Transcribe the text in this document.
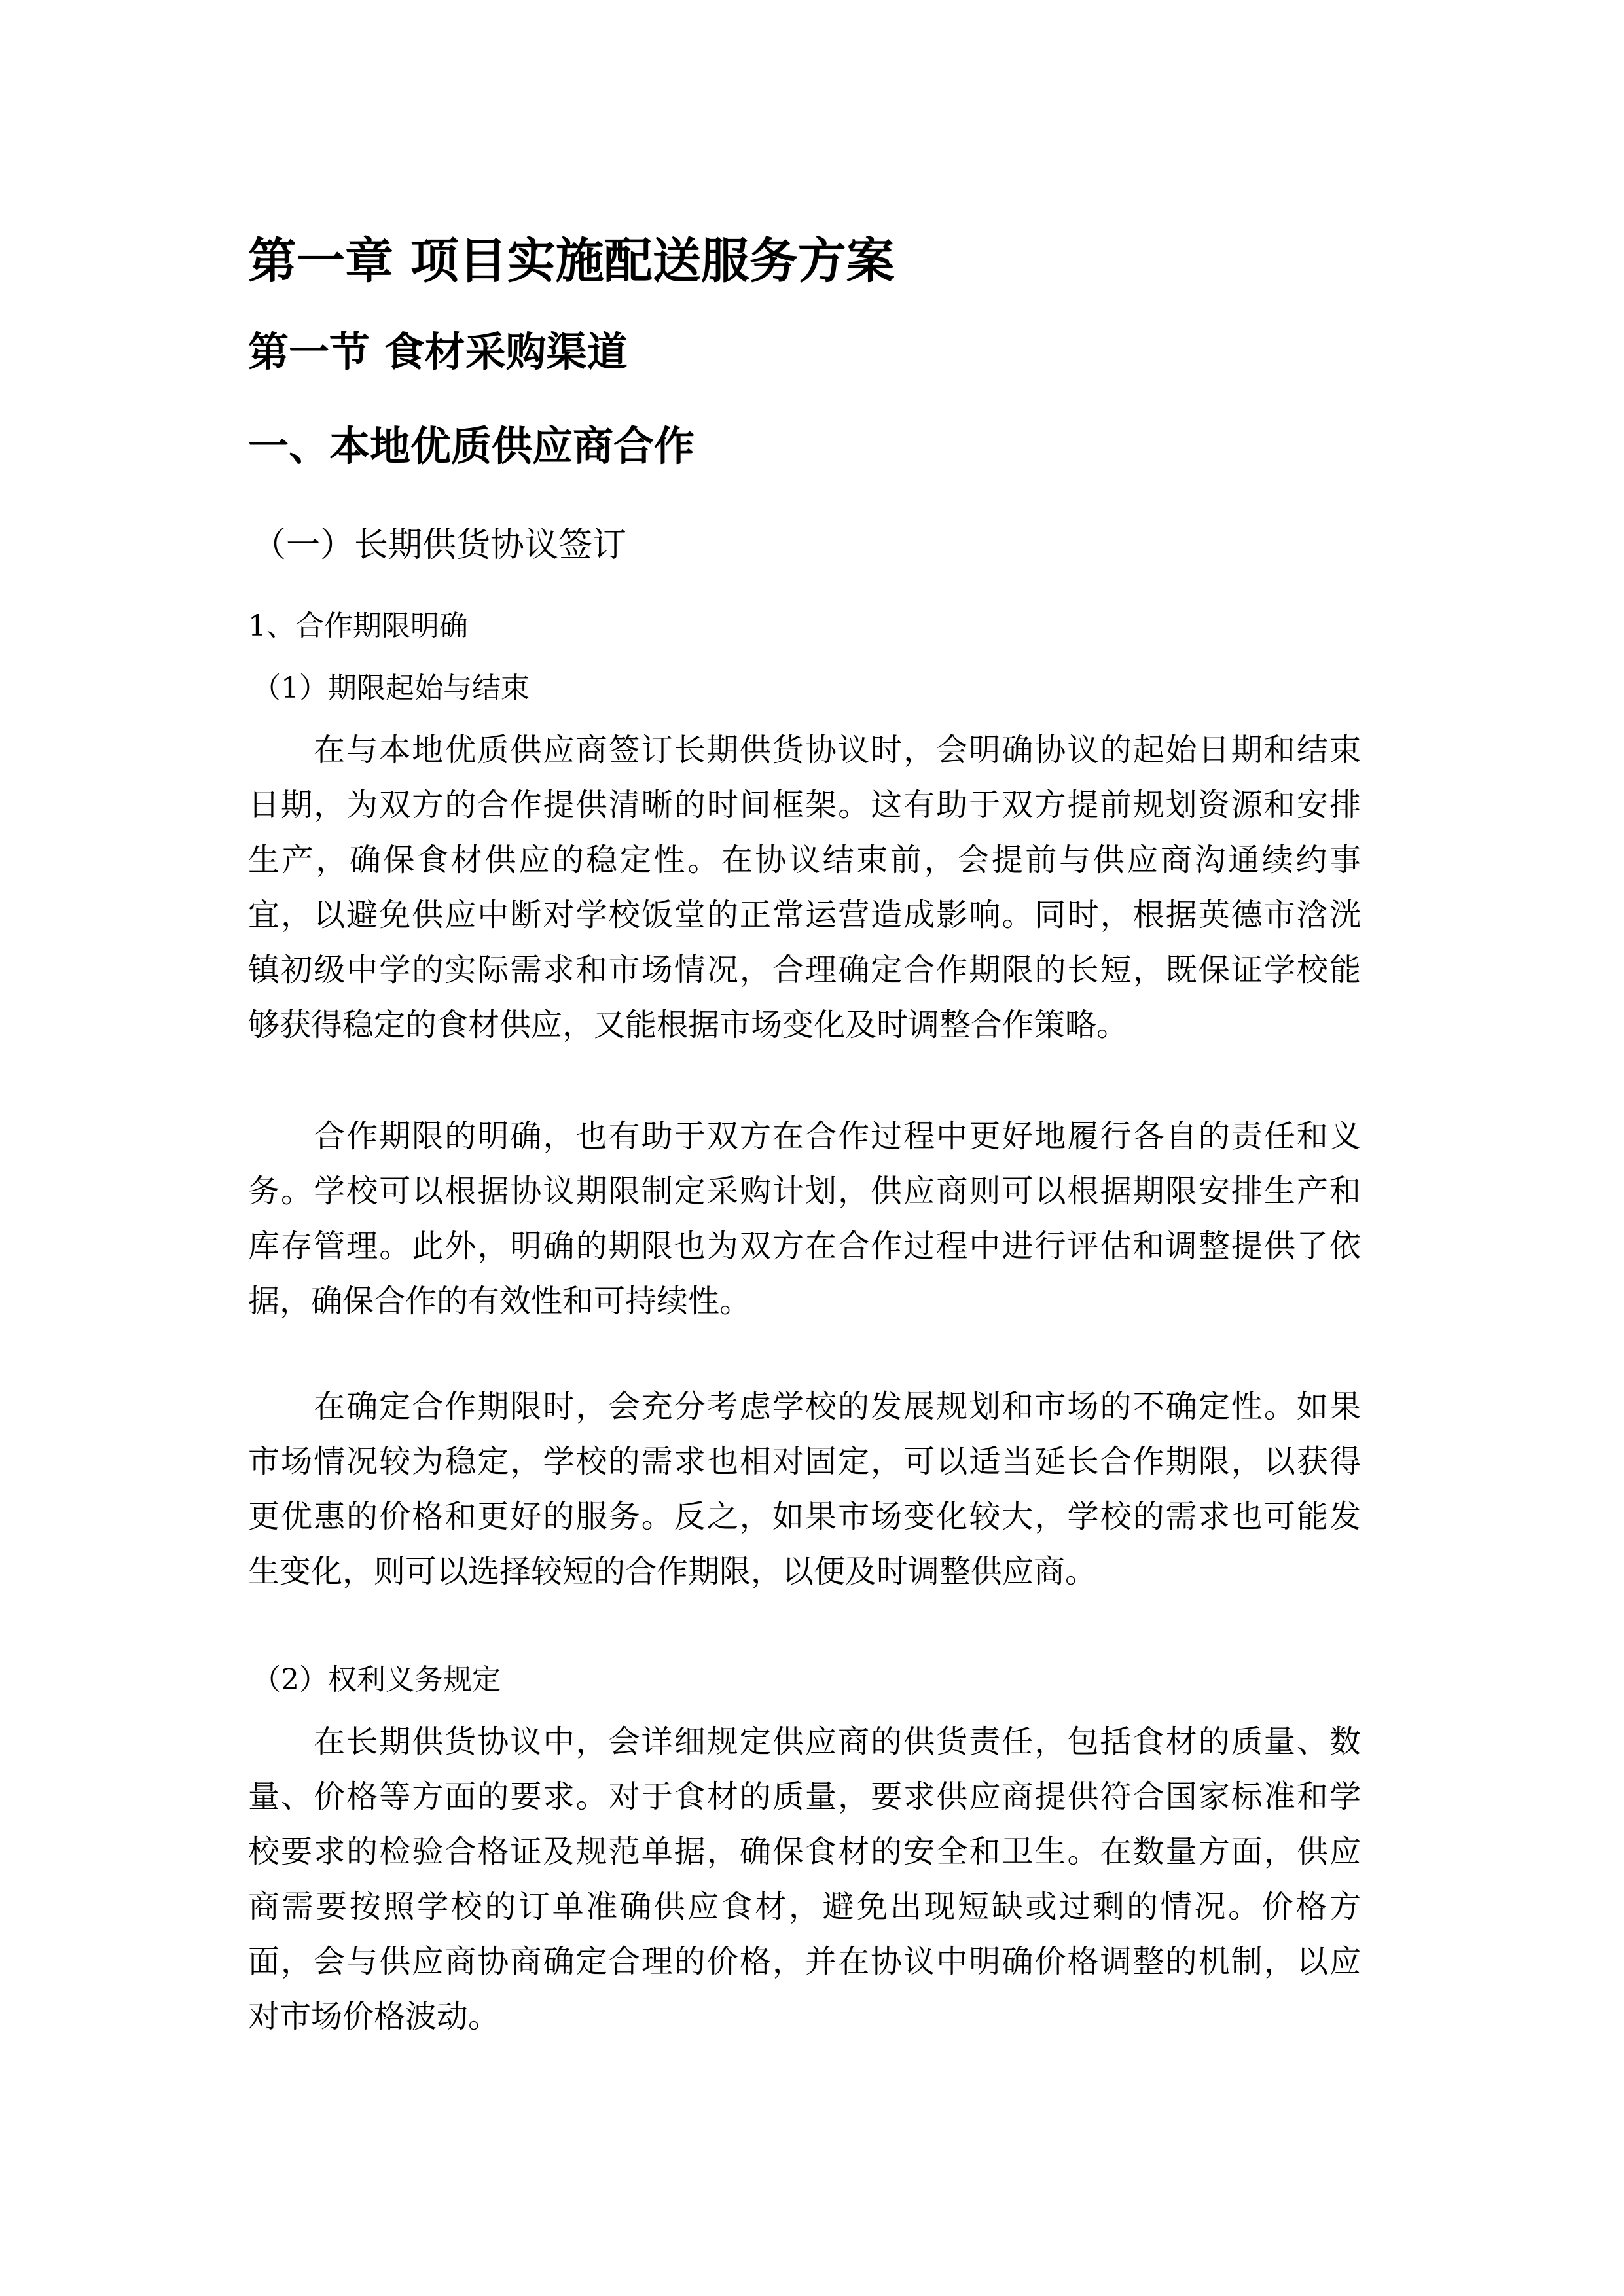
第一章 项目实施配送服务方案
第一节 食材采购渠道
一、本地优质供应商合作
（一）长期供货协议签订
1、合作期限明确
（1）期限起始与结束
在与本地优质供应商签订长期供货协议时，会明确协议的起始日期和结束
日期，为双方的合作提供清晰的时间框架。这有助于双方提前规划资源和安排
生产，确保食材供应的稳定性。在协议结束前，会提前与供应商沟通续约事
宜，以避免供应中断对学校饭堂的正常运营造成影响。同时，根据英德市浛洸
镇初级中学的实际需求和市场情况，合理确定合作期限的长短，既保证学校能
够获得稳定的食材供应，又能根据市场变化及时调整合作策略。
合作期限的明确，也有助于双方在合作过程中更好地履行各自的责任和义
务。学校可以根据协议期限制定采购计划，供应商则可以根据期限安排生产和
库存管理。此外，明确的期限也为双方在合作过程中进行评估和调整提供了依
据，确保合作的有效性和可持续性。
在确定合作期限时，会充分考虑学校的发展规划和市场的不确定性。如果
市场情况较为稳定，学校的需求也相对固定，可以适当延长合作期限，以获得
更优惠的价格和更好的服务。反之，如果市场变化较大，学校的需求也可能发
生变化，则可以选择较短的合作期限，以便及时调整供应商。
（2）权利义务规定
在长期供货协议中，会详细规定供应商的供货责任，包括食材的质量、数
量、价格等方面的要求。对于食材的质量，要求供应商提供符合国家标准和学
校要求的检验合格证及规范单据，确保食材的安全和卫生。在数量方面，供应
商需要按照学校的订单准确供应食材，避免出现短缺或过剩的情况。价格方
面，会与供应商协商确定合理的价格，并在协议中明确价格调整的机制，以应
对市场价格波动。
